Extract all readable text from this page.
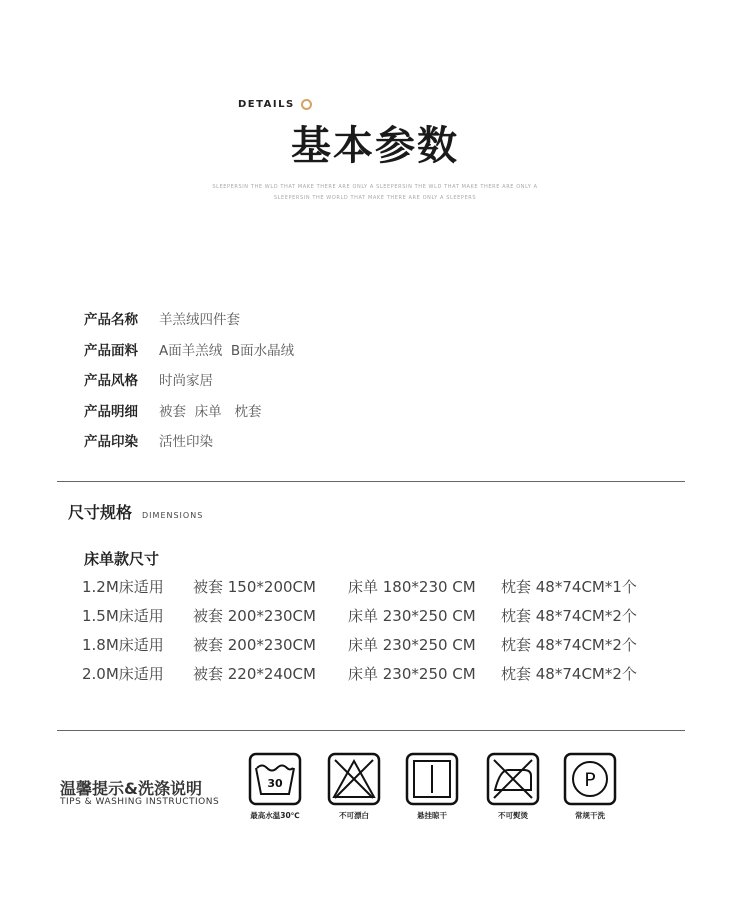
DETAILS
基本参数
SLEEPERSIN THE WLD THAT MAKE THERE ARE ONLY A SLEEPERSIN THE WLD THAT MAKE THERE ARE ONLY A
SLEEPERSIN THE WORLD THAT MAKE THERE ARE ONLY A SLEEPERS
产品名称	羊羔绒四件套
产品面料	A面羊羔绒  B面水晶绒
产品风格	时尚家居
产品明细	被套  床单   枕套
产品印染	活性印染
尺寸规格 DIMENSIONS
床单款尺寸
1.2M床适用 被套 150*200CM 床单 180*230 CM 枕套 48*74CM*1个
1.5M床适用 被套 200*230CM 床单 230*250 CM 枕套 48*74CM*2个
1.8M床适用 被套 200*230CM 床单 230*250 CM 枕套 48*74CM*2个
2.0M床适用 被套 220*240CM 床单 230*250 CM 枕套 48*74CM*2个
温馨提示&洗涤说明
TIPS & WASHING INSTRUCTIONS
30
最高水温30℃	不可漂白	悬挂晾干	不可熨烫
P
常规干洗
